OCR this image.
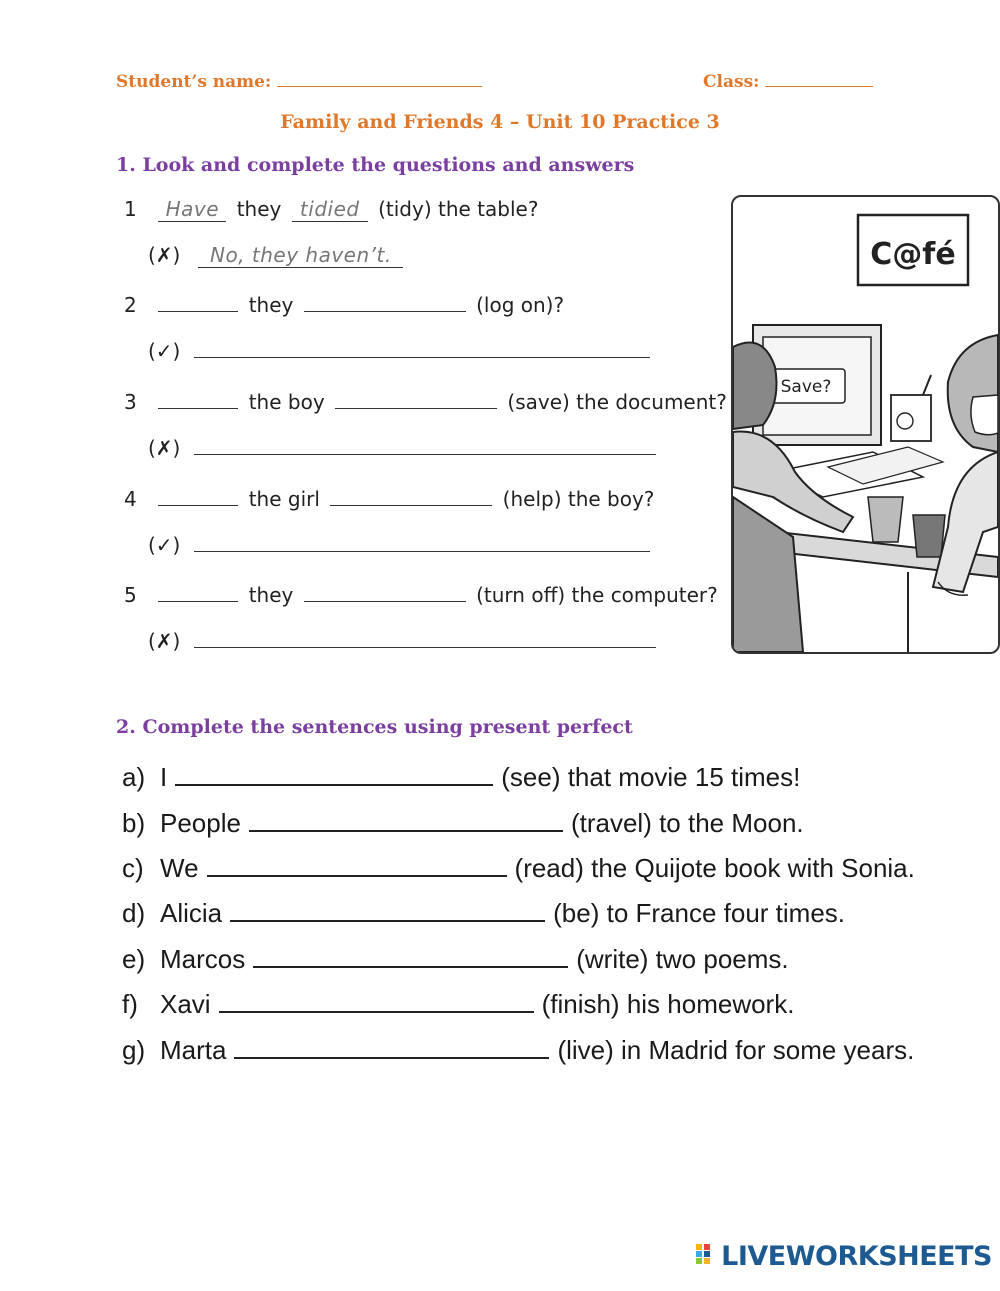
Student’s name:	Class:
Family and Friends 4 – Unit 10 Practice 3
1. Look and complete the questions and answers
1 Have they tidied (tidy) the table?
(✗) No, they haven’t.
2	they	(log on)?
(✓)
3	the boy	(save) the document?
(✗)
4	the girl	(help) the boy?
(✓)
5	they	(turn off) the computer?
(✗)
C@fé
Save?
2. Complete the sentences using present perfect
a) I	(see) that movie 15 times!
b) People	(travel) to the Moon.
c) We	(read) the Quijote book with Sonia.
d) Alicia	(be) to France four times.
e) Marcos	(write) two poems.
f) Xavi	(finish) his homework.
g) Marta	(live) in Madrid for some years.
LIVEWORKSHEETS
